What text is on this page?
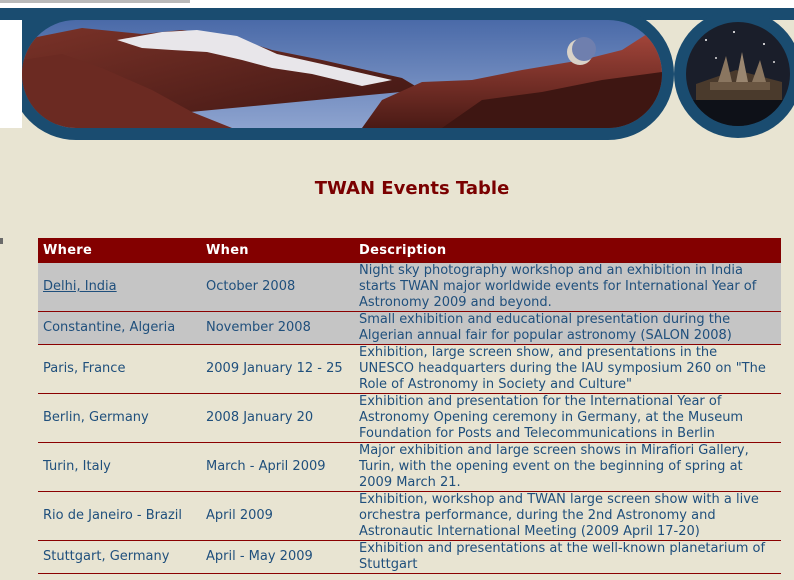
TWAN Events Table
Where	When	Description
Delhi, India	October 2008	Night sky photography workshop and an exhibition in India starts TWAN major worldwide events for International Year of Astronomy 2009 and beyond.
Constantine, Algeria	November 2008	Small exhibition and educational presentation during the Algerian annual fair for popular astronomy (SALON 2008)
Paris, France	2009 January 12 - 25	Exhibition, large screen show, and presentations in the UNESCO headquarters during the IAU symposium 260 on "The Role of Astronomy in Society and Culture"
Berlin, Germany	2008 January 20	Exhibition and presentation for the International Year of Astronomy Opening ceremony in Germany, at the Museum Foundation for Posts and Telecommunications in Berlin
Turin, Italy	March - April 2009	Major exhibition and large screen shows in Mirafiori Gallery, Turin, with the opening event on the beginning of spring at 2009 March 21.
Rio de Janeiro - Brazil	April 2009	Exhibition, workshop and TWAN large screen show with a live orchestra performance, during the 2nd Astronomy and Astronautic International Meeting (2009 April 17-20)
Stuttgart, Germany	April - May 2009	Exhibition and presentations at the well-known planetarium of Stuttgart
